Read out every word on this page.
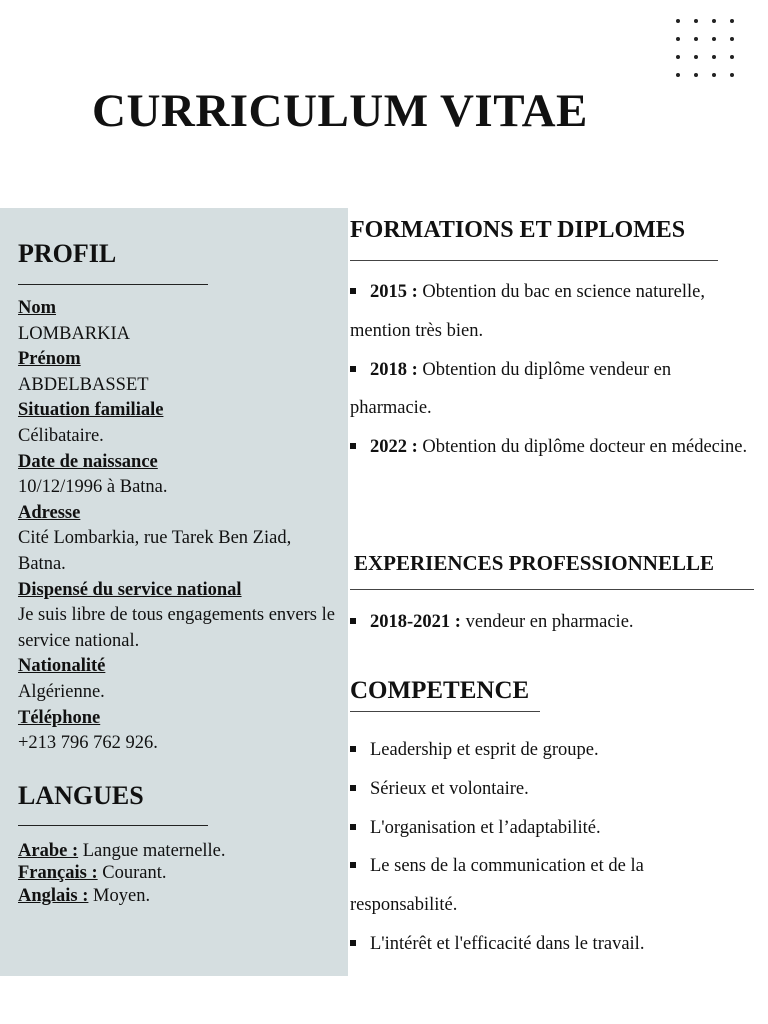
CURRICULUM VITAE
PROFIL
Nom
LOMBARKIA
Prénom
ABDELBASSET
Situation familiale
Célibataire.
Date de naissance
10/12/1996 à Batna.
Adresse
Cité Lombarkia, rue Tarek Ben Ziad, Batna.
Dispensé du service national
Je suis libre de tous engagements envers le service national.
Nationalité
Algérienne.
Téléphone
+213 796 762 926.
LANGUES
Arabe : Langue maternelle.
Français : Courant.
Anglais : Moyen.
FORMATIONS ET DIPLOMES
2015 : Obtention du bac en science naturelle, mention très bien.
2018 : Obtention du diplôme vendeur en pharmacie.
2022 : Obtention du diplôme docteur en médecine.
EXPERIENCES PROFESSIONNELLE
2018-2021 : vendeur en pharmacie.
COMPETENCE
Leadership et esprit de groupe.
Sérieux et volontaire.
L'organisation et l’adaptabilité.
Le sens de la communication et de la responsabilité.
L'intérêt et l'efficacité dans le travail.
